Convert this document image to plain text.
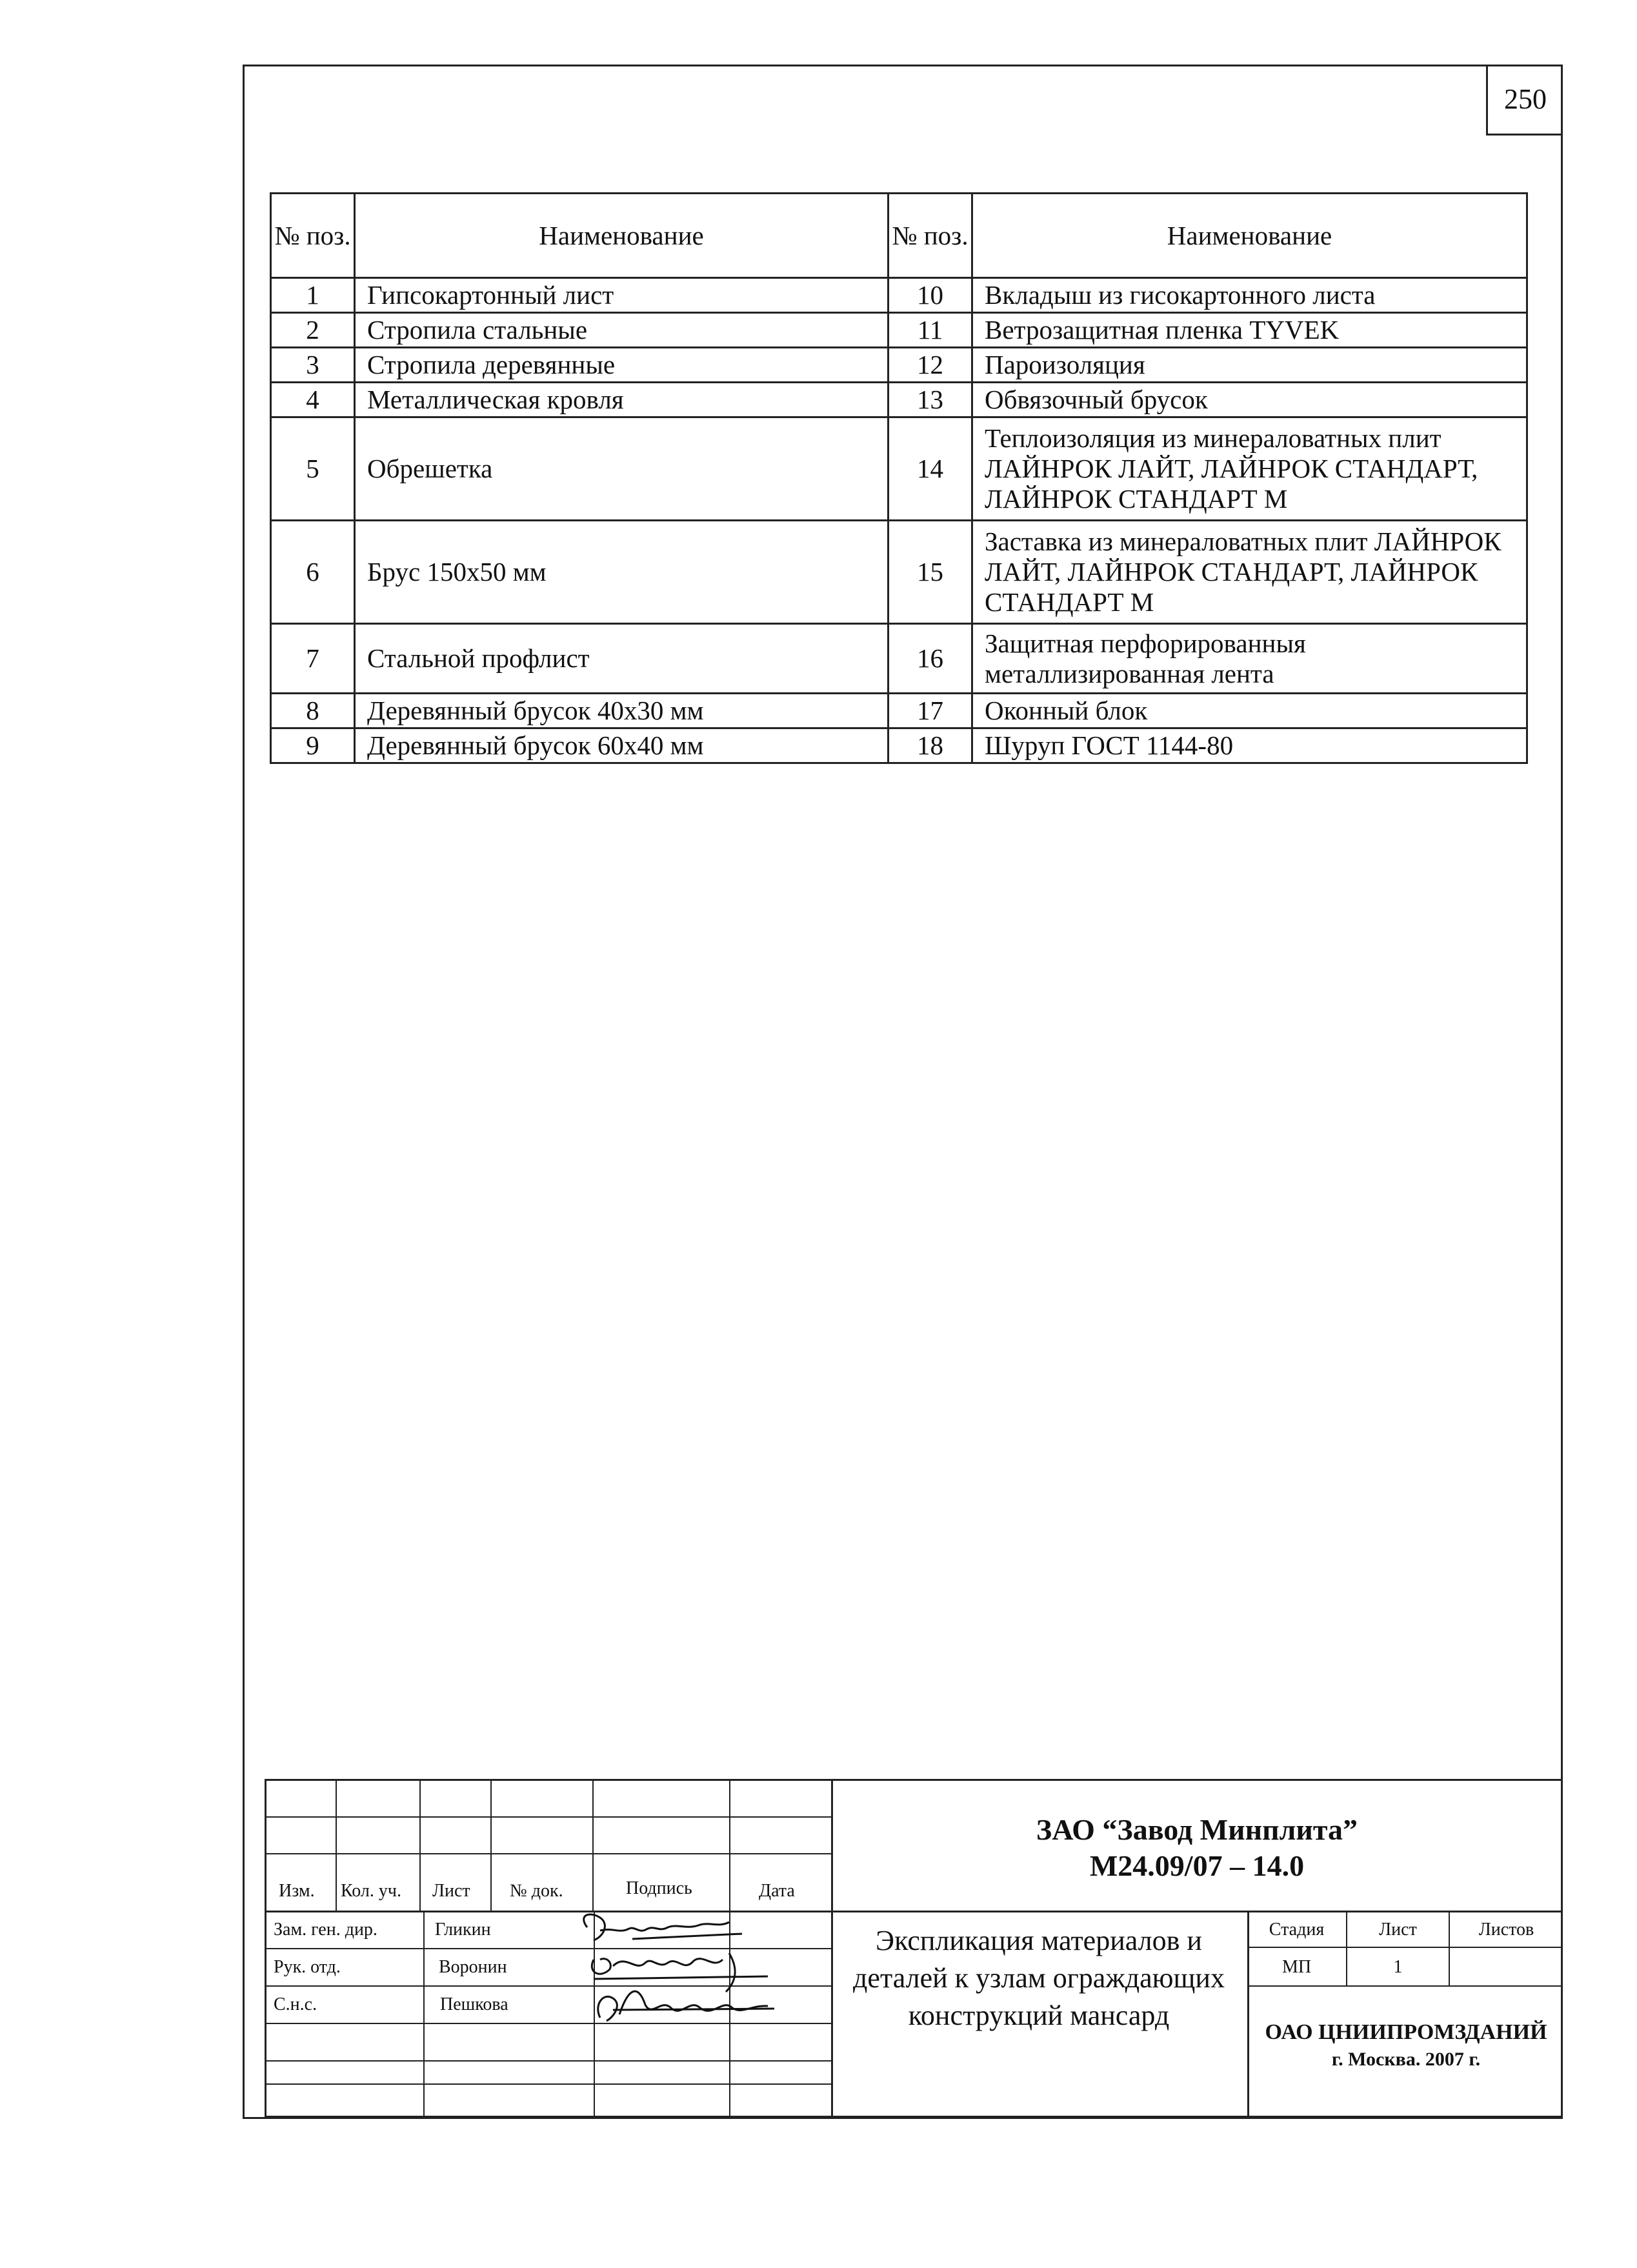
250
№ поз.	Наименование	№ поз.	Наименование
1	Гипсокартонный лист	10	Вкладыш из гисокартонного листа
2	Стропила стальные	11	Ветрозащитная пленка TYVEK
3	Стропила деревянные	12	Пароизоляция
4	Металлическая кровля	13	Обвязочный брусок
5	Обрешетка	14	Теплоизоляция из минераловатных плит ЛАЙНРОК ЛАЙТ, ЛАЙНРОК СТАНДАРТ, ЛАЙНРОК СТАНДАРТ М
6	Брус 150x50 мм	15	Заставка из минераловатных плит ЛАЙНРОК ЛАЙТ, ЛАЙНРОК СТАНДАРТ, ЛАЙНРОК СТАНДАРТ М
7	Стальной профлист	16	Защитная перфорированныя металлизированная лента
8	Деревянный брусок 40x30 мм	17	Оконный блок
9	Деревянный брусок 60x40 мм	18	Шуруп ГОСТ 1144-80
Изм. Кол. уч. Лист № док.	Подпись	Дата
Зам. ген. дир.	Гликин
Рук. отд.	Воронин
С.н.с.	Пешкова
ЗАО “Завод Минплита”
М24.09/07 – 14.0
Экспликация материалов и деталей к узлам ограждающих конструкций мансард
Стадия	Лист	Листов
МП	1
ОАО ЦНИИПРОМЗДАНИЙ
г. Москва. 2007 г.
